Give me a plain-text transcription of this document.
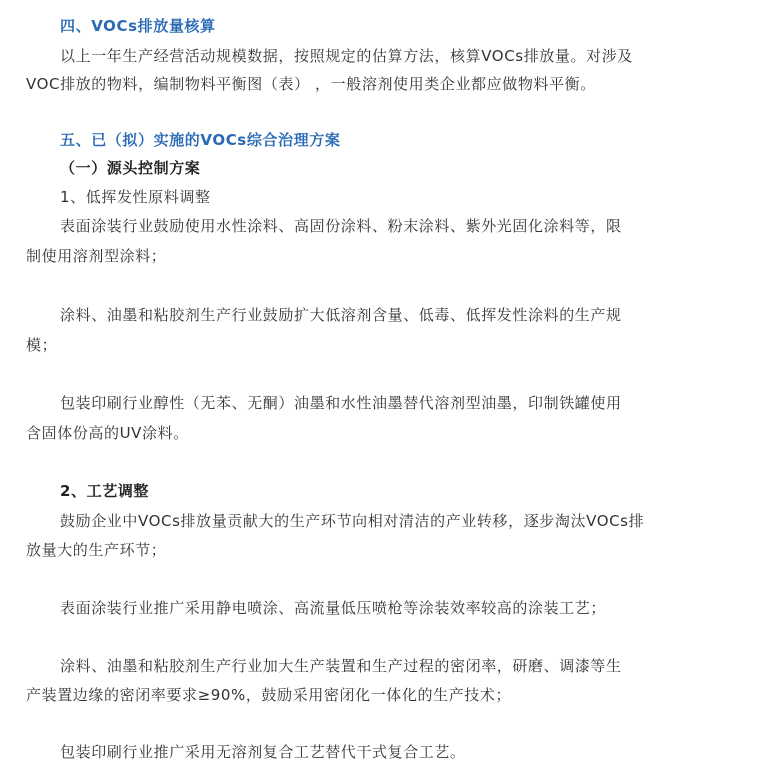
四、VOCs排放量核算
以上一年生产经营活动规模数据，按照规定的估算方法，核算VOCs排放量。对涉及
VOC排放的物料，编制物料平衡图（表） ，一般溶剂使用类企业都应做物料平衡。
五、已（拟）实施的VOCs综合治理方案
（一）源头控制方案
1、低挥发性原料调整
表面涂装行业鼓励使用水性涂料、高固份涂料、粉末涂料、紫外光固化涂料等，限
制使用溶剂型涂料；
涂料、油墨和粘胶剂生产行业鼓励扩大低溶剂含量、低毒、低挥发性涂料的生产规
模；
包装印刷行业醇性（无苯、无酮）油墨和水性油墨替代溶剂型油墨，印制铁罐使用
含固体份高的UV涂料。
2、工艺调整
鼓励企业中VOCs排放量贡献大的生产环节向相对清洁的产业转移，逐步淘汰VOCs排
放量大的生产环节；
表面涂装行业推广采用静电喷涂、高流量低压喷枪等涂装效率较高的涂装工艺；
涂料、油墨和粘胶剂生产行业加大生产装置和生产过程的密闭率，研磨、调漆等生
产装置边缘的密闭率要求≥90%，鼓励采用密闭化一体化的生产技术；
包装印刷行业推广采用无溶剂复合工艺替代干式复合工艺。
